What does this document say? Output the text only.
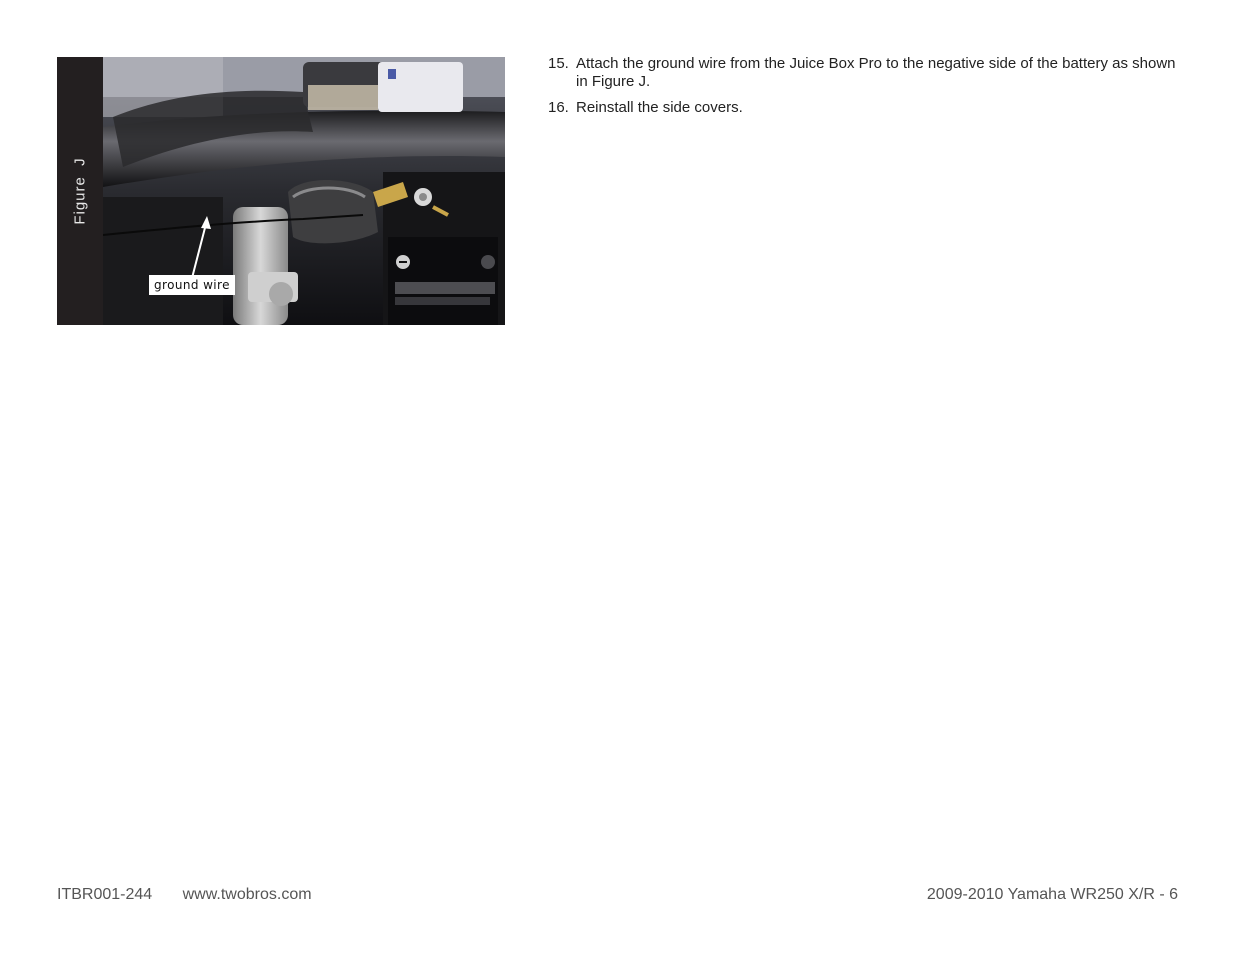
Figure  J
ground wire
15. Attach the ground wire from the Juice Box Pro to the negative side of the battery as shown in Figure J.
16. Reinstall the side covers.
ITBR001-244 www.twobros.com	2009-2010 Yamaha WR250 X/R - 6
